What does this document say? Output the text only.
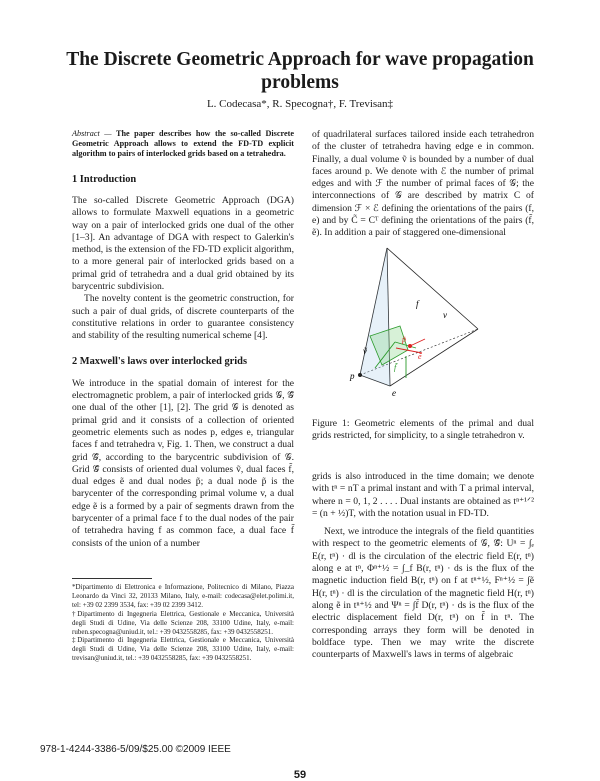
The Discrete Geometric Approach for wave propagation problems
L. Codecasa*, R. Specogna†, F. Trevisan‡

Abstract — The paper describes how the so-called Discrete Geometric Approach allows to extend the FD-TD explicit algorithm to pairs of interlocked grids based on a tetrahedra.

1 Introduction

The so-called Discrete Geometric Approach (DGA) allows to formulate Maxwell equations in a geometric way on a pair of interlocked grids one dual of the other [1–3]. An advantage of DGA with respect to Galerkin's method, is the extension of the FD-TD explicit algorithm, to a more general pair of interlocked grids based on a primal grid of tetrahedra and a dual grid obtained by its barycentric subdivision.

The novelty content is the geometric construction, for such a pair of dual grids, of discrete counterparts of the constitutive relations in order to guarantee consistency and stability of the resulting numerical scheme [4].

2 Maxwell's laws over interlocked grids

We introduce in the spatial domain of interest for the electromagnetic problem, a pair of interlocked grids 𝒢, 𝒢̃ one dual of the other [1], [2]. The grid 𝒢 is denoted as primal grid and it consists of a collection of oriented geometric elements such as nodes p, edges e, triangular faces f and tetrahedra v, Fig. 1. Then, we construct a dual grid 𝒢̃, according to the barycentric subdivision of 𝒢. Grid 𝒢̃ consists of oriented dual volumes ṽ, dual faces f̃, dual edges ẽ and dual nodes p̃; a dual node p̃ is the barycenter of the corresponding primal volume v, a dual edge ẽ is a formed by a pair of segments drawn from the barycenter of a primal face f to the dual nodes of the pair of tetrahedra having f as common face, a dual face f̃ consists of the union of a number

*Dipartimento di Elettronica e Informazione, Politecnico di Milano, Piazza Leonardo da Vinci 32, 20133 Milano, Italy, e-mail: codecasa@elet.polimi.it, tel: +39 02 2399 3534, fax: +39 02 2399 3412.

†Dipartimento di Ingegneria Elettrica, Gestionale e Meccanica, Università degli Studi di Udine, Via delle Scienze 208, 33100 Udine, Italy, e-mail: ruben.specogna@uniud.it, tel.: +39 0432558285, fax: +39 0432558251.

‡Dipartimento di Ingegneria Elettrica, Gestionale e Meccanica, Università degli Studi di Udine, Via delle Scienze 208, 33100 Udine, Italy, e-mail: trevisan@uniud.it, tel.: +39 0432558285, fax: +39 0432558251.

of quadrilateral surfaces tailored inside each tetrahedron of the cluster of tetrahedra having edge e in common. Finally, a dual volume ṽ is bounded by a number of dual faces around p. We denote with ℰ the number of primal edges and with ℱ the number of primal faces of 𝒢; the interconnections of 𝒢 are described by matrix C of dimension ℱ × ℰ defining the orientations of the pairs (f, e) and by C̃ = Cᵀ defining the orientations of the pairs (f̃, ẽ). In addition a pair of staggered one-dimensional

v
f
ṽ
p̃
ẽ
f̃
p
e
Figure 1: Geometric elements of the primal and dual grids restricted, for simplicity, to a single tetrahedron v.

grids is also introduced in the time domain; we denote with tⁿ = nT a primal instant and with T a primal interval, where n = 0, 1, 2 . . . . Dual instants are obtained as tⁿ⁺¹ᐟ² = (n + ½)T, with the notation usual in FD-TD.

Next, we introduce the integrals of the field quantities with respect to the geometric elements of 𝒢, 𝒢̃: Uⁿ = ∫ₑ E(r, tⁿ) · dl is the circulation of the electric field E(r, tⁿ) along e at tⁿ, Φⁿ⁺½ = ∫_f B(r, tⁿ) · ds is the flux of the magnetic induction field B(r, tⁿ) on f at tⁿ⁺½, Fⁿ⁺½ = ∫ẽ H(r, tⁿ) · dl is the circulation of the magnetic field H(r, tⁿ) along ẽ in tⁿ⁺½ and Ψⁿ = ∫f̃ D(r, tⁿ) · ds is the flux of the electric displacement field D(r, tⁿ) on f̃ in tⁿ. The corresponding arrays they form will be denoted in boldface type. Then we may write the discrete counterparts of Maxwell's laws in terms of algebraic

978-1-4244-3386-5/09/$25.00 ©2009 IEEE
59
